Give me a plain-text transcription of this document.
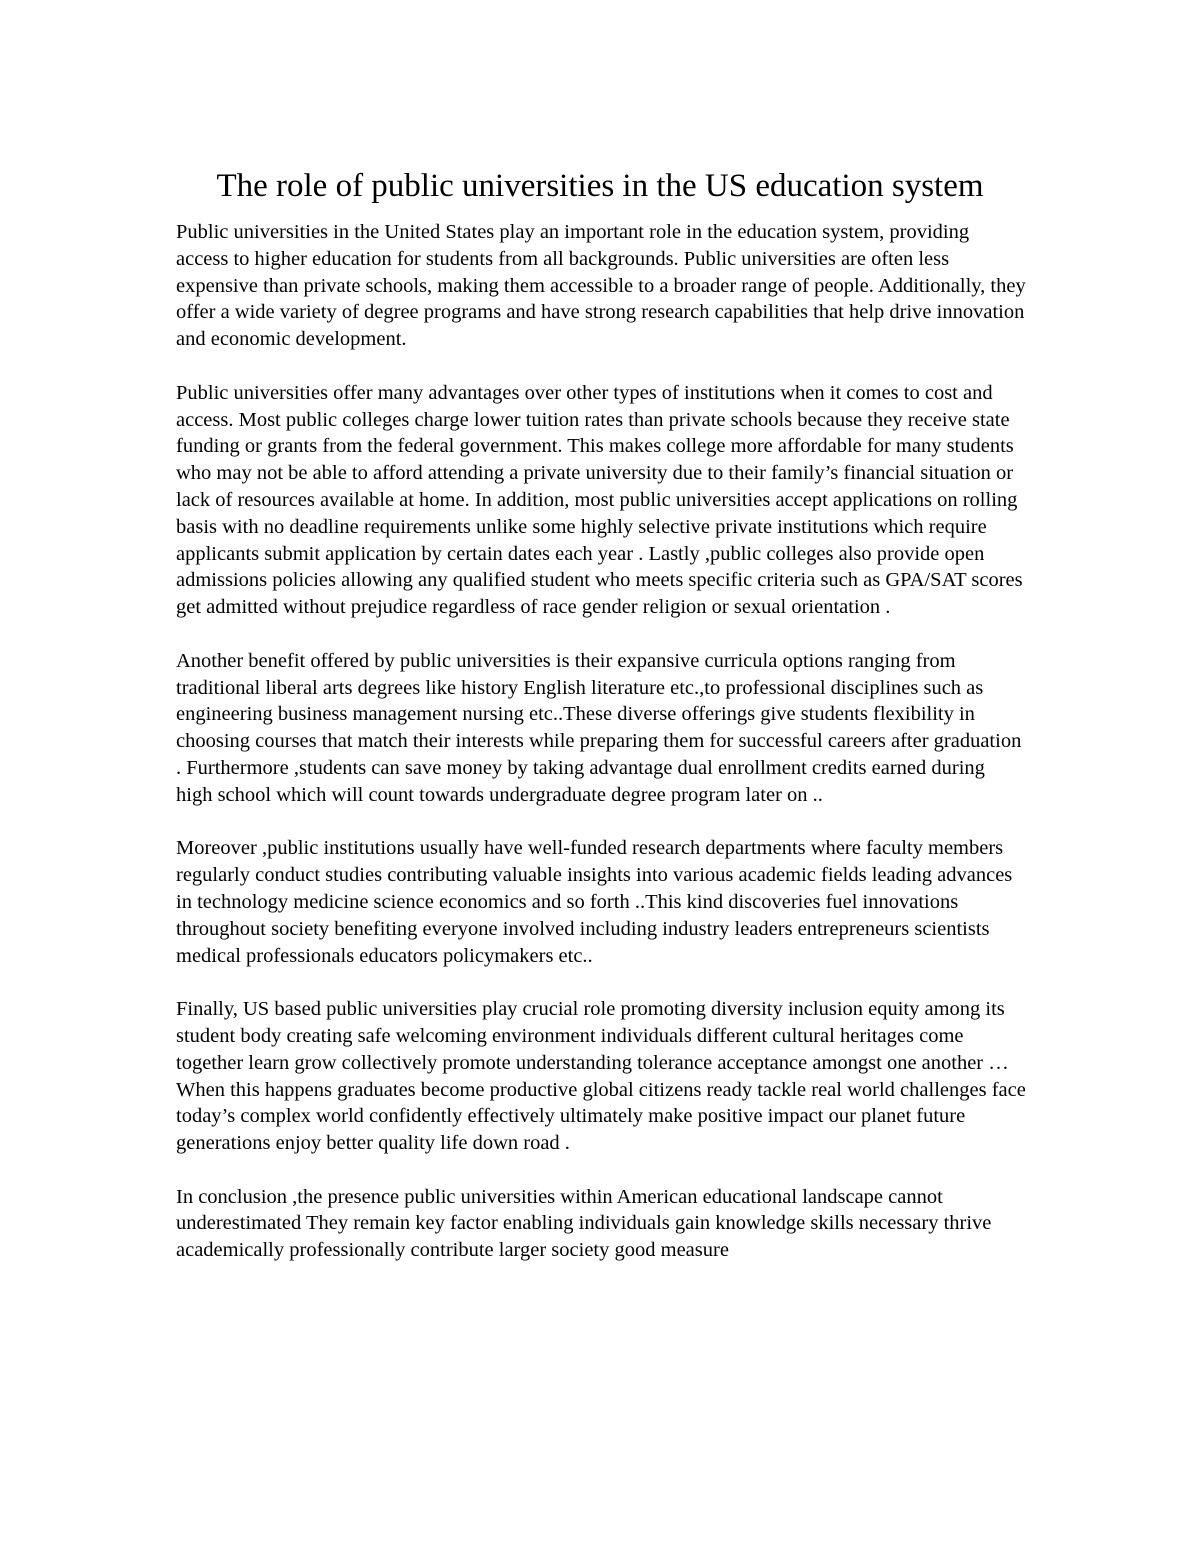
The role of public universities in the US education system

Public universities in the United States play an important role in the education system, providing access to higher education for students from all backgrounds. Public universities are often less expensive than private schools, making them accessible to a broader range of people. Additionally, they offer a wide variety of degree programs and have strong research capabilities that help drive innovation and economic development.

Public universities offer many advantages over other types of institutions when it comes to cost and access. Most public colleges charge lower tuition rates than private schools because they receive state funding or grants from the federal government. This makes college more affordable for many students who may not be able to afford attending a private university due to their family’s financial situation or lack of resources available at home. In addition, most public universities accept applications on rolling basis with no deadline requirements unlike some highly selective private institutions which require applicants submit application by certain dates each year . Lastly ,public colleges also provide open admissions policies allowing any qualified student who meets specific criteria such as GPA/SAT scores get admitted without prejudice regardless of race gender religion or sexual orientation .

Another benefit offered by public universities is their expansive curricula options ranging from traditional liberal arts degrees like history English literature etc.,to professional disciplines such as engineering business management nursing etc..These diverse offerings give students flexibility in choosing courses that match their interests while preparing them for successful careers after graduation . Furthermore ,students can save money by taking advantage dual enrollment credits earned during high school which will count towards undergraduate degree program later on ..

Moreover ,public institutions usually have well-funded research departments where faculty members regularly conduct studies contributing valuable insights into various academic fields leading advances in technology medicine science economics and so forth ..This kind discoveries fuel innovations throughout society benefiting everyone involved including industry leaders entrepreneurs scientists medical professionals educators policymakers etc..

Finally, US based public universities play crucial role promoting diversity inclusion equity among its student body creating safe welcoming environment individuals different cultural heritages come together learn grow collectively promote understanding tolerance acceptance amongst one another …When this happens graduates become productive global citizens ready tackle real world challenges face today’s complex world confidently effectively ultimately make positive impact our planet future generations enjoy better quality life down road .

In conclusion ,the presence public universities within American educational landscape cannot underestimated They remain key factor enabling individuals gain knowledge skills necessary thrive academically professionally contribute larger society good measure
